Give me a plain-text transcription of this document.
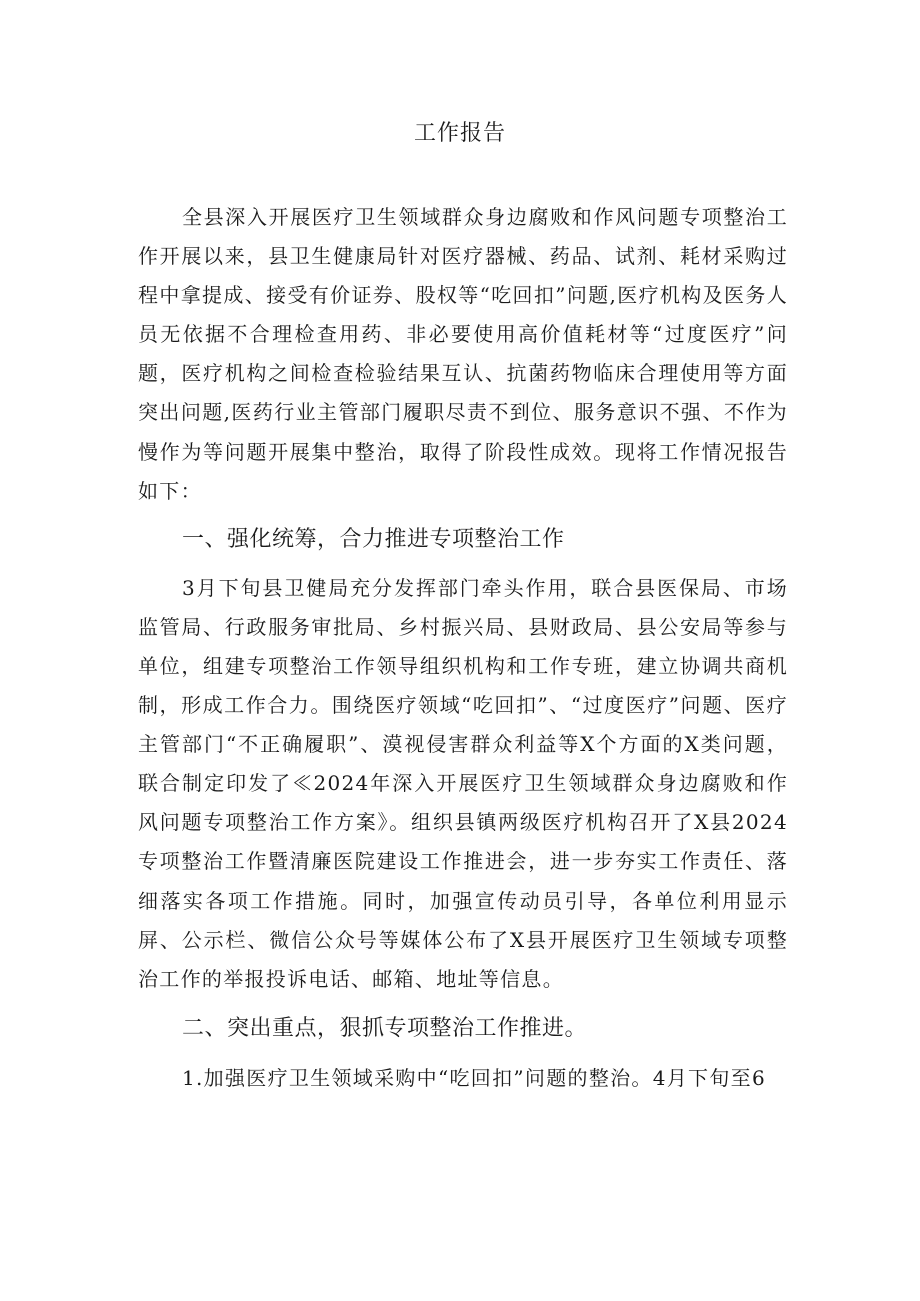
工作报告

全县深入开展医疗卫生领域群众身边腐败和作风问题专项整治工作开展以来，县卫生健康局针对医疗器械、药品、试剂、耗材采购过程中拿提成、接受有价证券、股权等“吃回扣”问题,医疗机构及医务人员无依据不合理检查用药、非必要使用高价值耗材等“过度医疗”问题，医疗机构之间检查检验结果互认、抗菌药物临床合理使用等方面突出问题,医药行业主管部门履职尽责不到位、服务意识不强、不作为慢作为等问题开展集中整治，取得了阶段性成效。现将工作情况报告如下：

一、强化统筹，合力推进专项整治工作

3月下旬县卫健局充分发挥部门牵头作用，联合县医保局、市场监管局、行政服务审批局、乡村振兴局、县财政局、县公安局等参与单位，组建专项整治工作领导组织机构和工作专班，建立协调共商机制，形成工作合力。围绕医疗领域“吃回扣”、“过度医疗”问题、医疗主管部门“不正确履职”、漠视侵害群众利益等X个方面的X类问题，联合制定印发了≪2024年深入开展医疗卫生领域群众身边腐败和作风问题专项整治工作方案》。组织县镇两级医疗机构召开了X县2024专项整治工作暨清廉医院建设工作推进会，进一步夯实工作责任、落细落实各项工作措施。同时，加强宣传动员引导，各单位利用显示屏、公示栏、微信公众号等媒体公布了X县开展医疗卫生领域专项整治工作的举报投诉电话、邮箱、地址等信息。

二、突出重点，狠抓专项整治工作推进。

1.加强医疗卫生领域采购中“吃回扣”问题的整治。4月下旬至6
